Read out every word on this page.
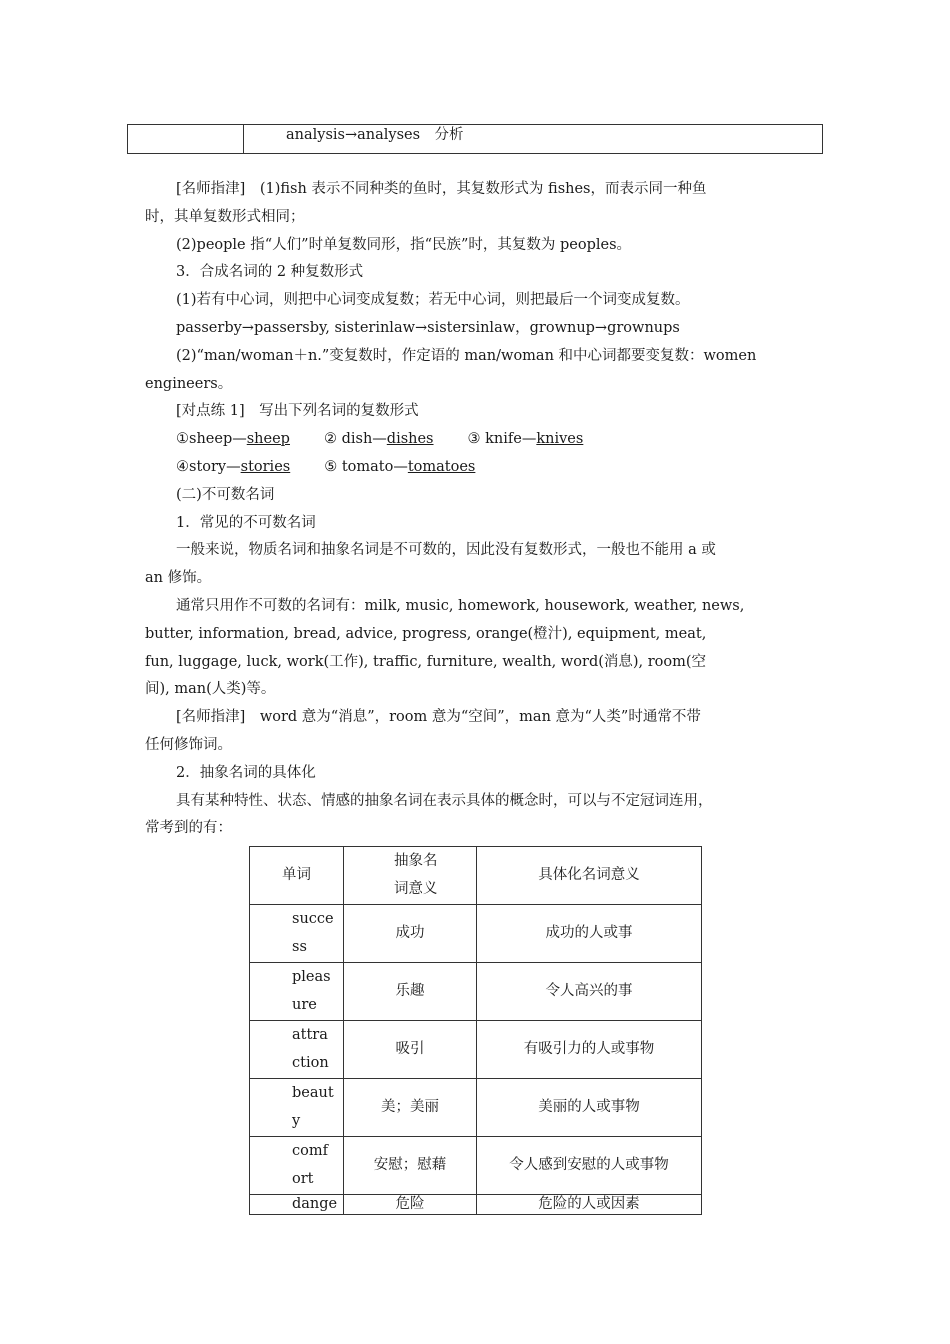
analysis→analyses　分析
[名师指津]　(1)fish 表示不同种类的鱼时，其复数形式为 fishes，而表示同一种鱼
时，其单复数形式相同；
(2)people 指“人们”时单复数同形，指“民族”时，其复数为 peoples。
3．合成名词的 2 种复数形式
(1)若有中心词，则把中心词变成复数；若无中心词，则把最后一个词变成复数。
passerby→passersby, sisterinlaw→sistersinlaw，grownup→grownups
(2)“man/woman＋n.”变复数时，作定语的 man/woman 和中心词都要变复数：women
engineers。
[对点练 1]　写出下列名词的复数形式
①sheep—sheep ② dish—dishes ③ knife—knives
④story—stories ⑤ tomato—tomatoes
(二)不可数名词
1．常见的不可数名词
一般来说，物质名词和抽象名词是不可数的，因此没有复数形式，一般也不能用 a 或
an 修饰。
通常只用作不可数的名词有：milk, music, homework, housework, weather, news,
butter, information, bread, advice, progress, orange(橙汁), equipment, meat,
fun, luggage, luck, work(工作), traffic, furniture, wealth, word(消息), room(空
间), man(人类)等。
[名师指津]　word 意为“消息”，room 意为“空间”，man 意为“人类”时通常不带
任何修饰词。
2．抽象名词的具体化
具有某种特性、状态、情感的抽象名词在表示具体的概念时，可以与不定冠词连用，
常考到的有：
单词	抽象名词意义	具体化名词意义
success	成功	成功的人或事
pleasure	乐趣	令人高兴的事
attraction	吸引	有吸引力的人或事物
beauty	美；美丽	美丽的人或事物
comfort	安慰；慰藉	令人感到安慰的人或事物
dange	危险	危险的人或因素
